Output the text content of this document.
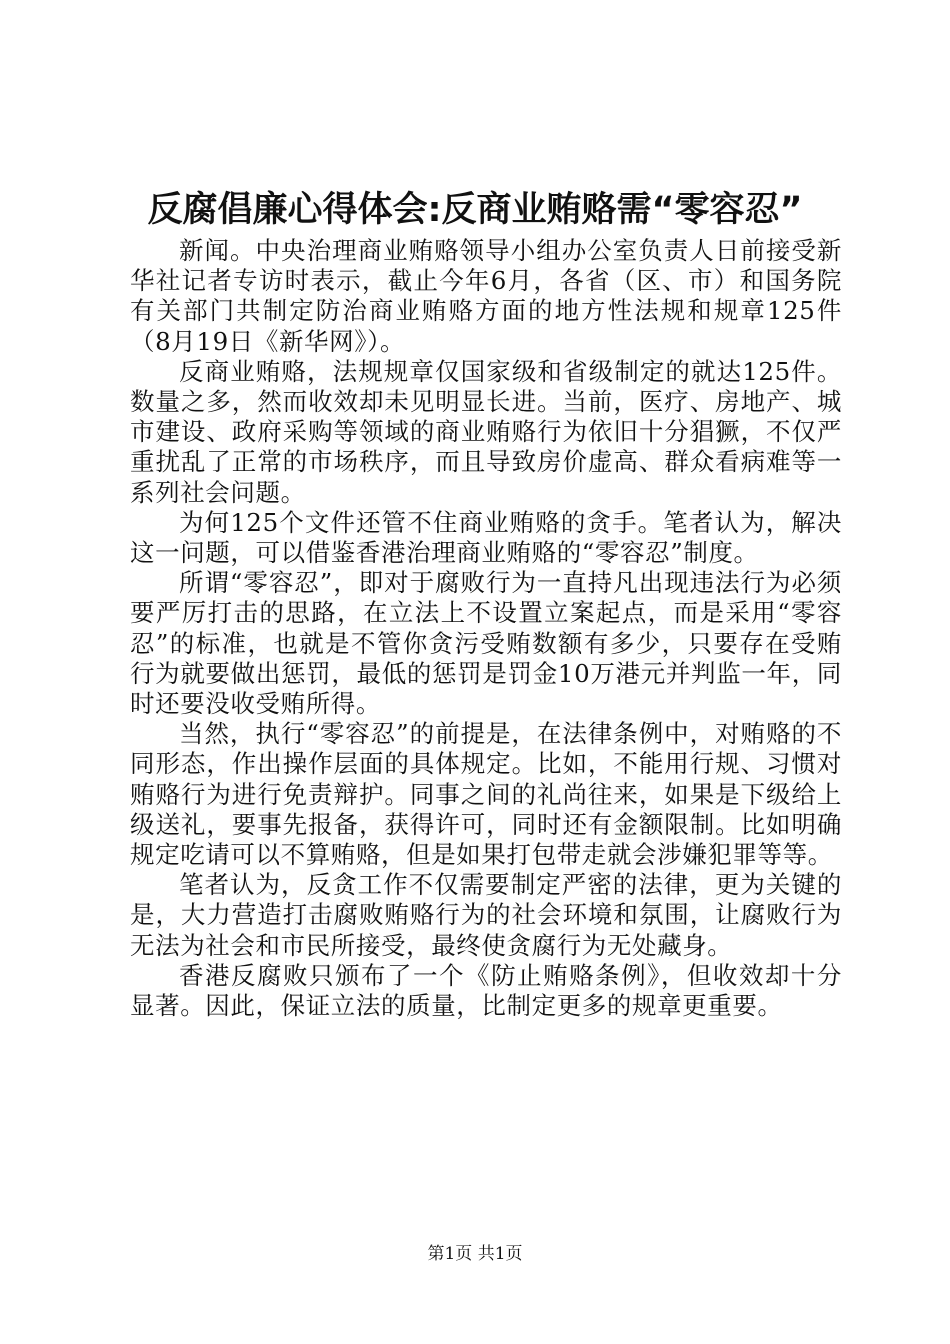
反腐倡廉心得体会:反商业贿赂需“零容忍”

新闻。中央治理商业贿赂领导小组办公室负责人日前接受新华社记者专访时表示，截止今年6月，各省（区、市）和国务院有关部门共制定防治商业贿赂方面的地方性法规和规章125件（8月19日《新华网》）。

反商业贿赂，法规规章仅国家级和省级制定的就达125件。数量之多，然而收效却未见明显长进。当前，医疗、房地产、城市建设、政府采购等领域的商业贿赂行为依旧十分猖獗，不仅严重扰乱了正常的市场秩序，而且导致房价虚高、群众看病难等一系列社会问题。

为何125个文件还管不住商业贿赂的贪手。笔者认为，解决这一问题，可以借鉴香港治理商业贿赂的“零容忍”制度。

所谓“零容忍”，即对于腐败行为一直持凡出现违法行为必须要严厉打击的思路，在立法上不设置立案起点，而是采用“零容忍”的标准，也就是不管你贪污受贿数额有多少，只要存在受贿行为就要做出惩罚，最低的惩罚是罚金10万港元并判监一年，同时还要没收受贿所得。

当然，执行“零容忍”的前提是，在法律条例中，对贿赂的不同形态，作出操作层面的具体规定。比如，不能用行规、习惯对贿赂行为进行免责辩护。同事之间的礼尚往来，如果是下级给上级送礼，要事先报备，获得许可，同时还有金额限制。比如明确规定吃请可以不算贿赂，但是如果打包带走就会涉嫌犯罪等等。

笔者认为，反贪工作不仅需要制定严密的法律，更为关键的是，大力营造打击腐败贿赂行为的社会环境和氛围，让腐败行为无法为社会和市民所接受，最终使贪腐行为无处藏身。

香港反腐败只颁布了一个《防止贿赂条例》，但收效却十分显著。因此，保证立法的质量，比制定更多的规章更重要。

第1页 共1页
